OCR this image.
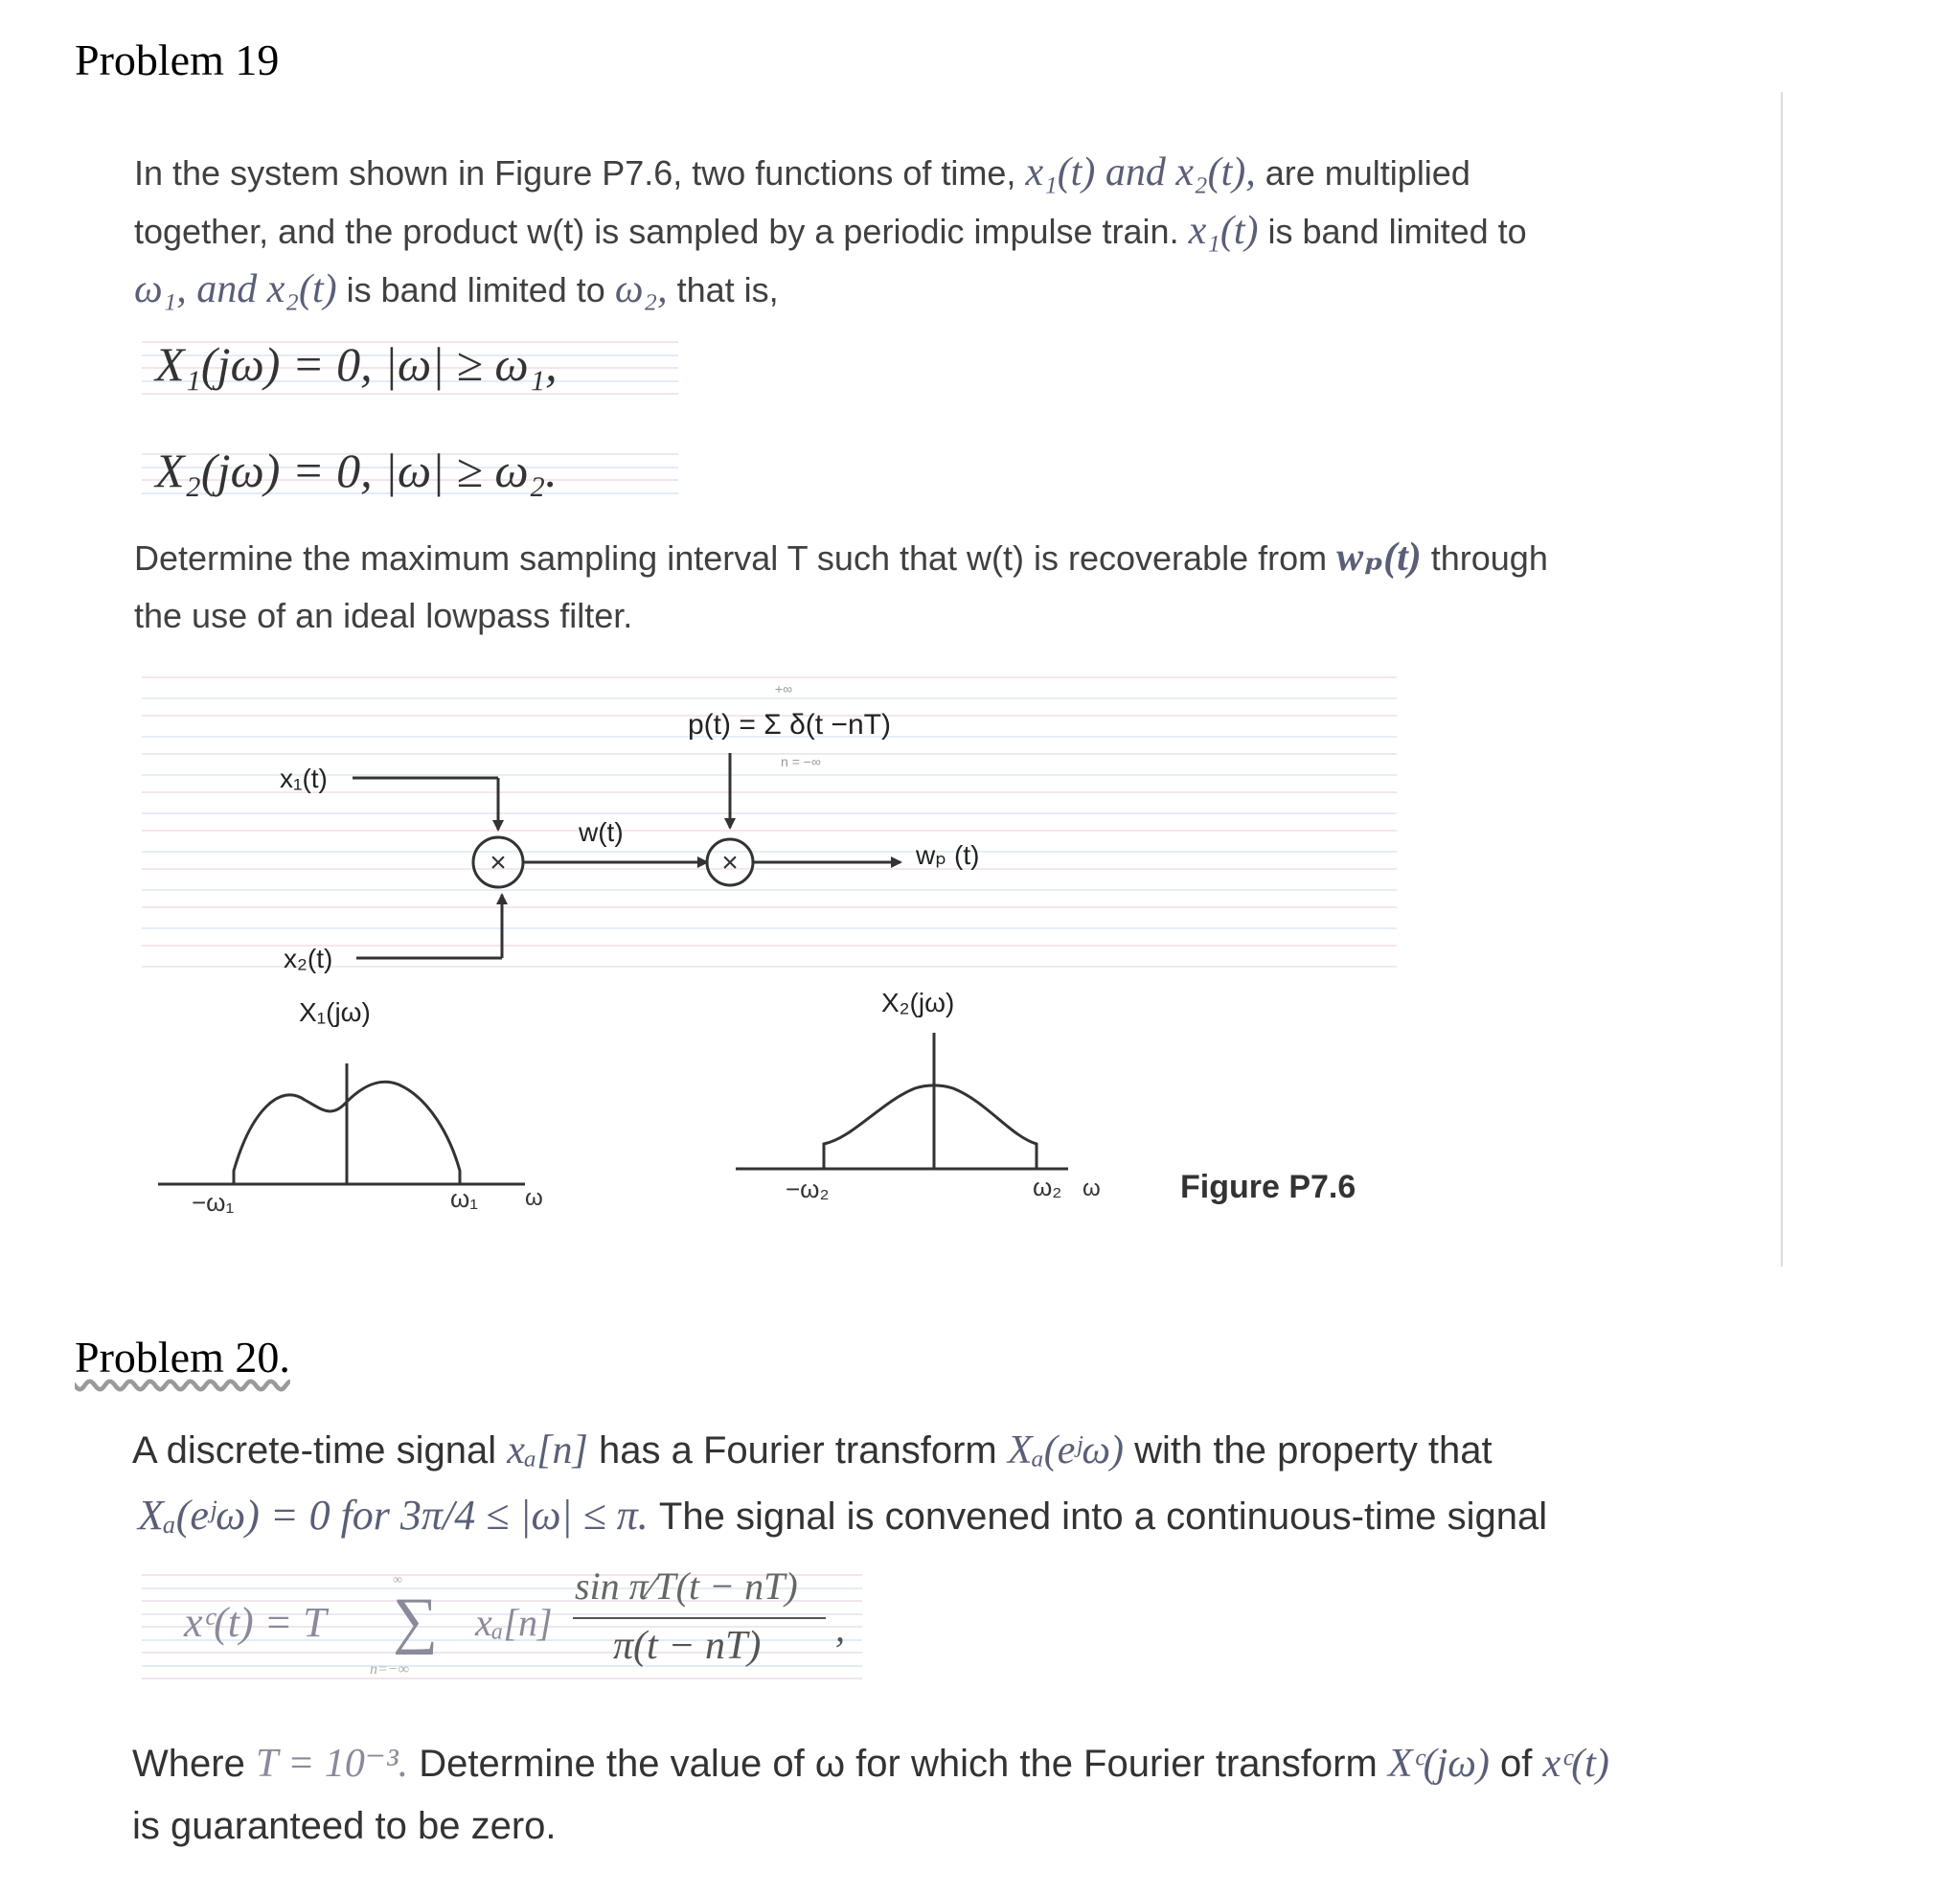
Problem 19
In the system shown in Figure P7.6, two functions of time, x₁(t) and x₂(t), are multiplied
together, and the product w(t) is sampled by a periodic impulse train. x₁(t) is band limited to
ω₁, and x₂(t) is band limited to ω₂, that is,
X₁(jω) = 0, |ω| ≥ ω₁,
X₂(jω) = 0, |ω| ≥ ω₂.
Determine the maximum sampling interval T such that w(t) is recoverable from wₚ(t) through
the use of an ideal lowpass filter.
x₁(t)
x₂(t)
w(t)
wₚ (t)
×	×
p(t) = Σ δ(t −nT)
+∞
n = −∞
X₁(jω)	X₂(jω)
−ω₁	ω₁ ω	−ω₂	ω₂ ω Figure P7.6
Problem 20.
A discrete-time signal xₐ[n] has a Fourier transform Xₐ(eʲω) with the property that
Xₐ(eʲω) = 0 for 3π/4 ≤ |ω| ≤ π. The signal is convened into a continuous-time signal
xᶜ(t) = T
∞
∑
n=−∞
xₐ[n]
sin π⁄T(t − nT)
π(t − nT) ,
Where T = 10⁻³. Determine the value of ω for which the Fourier transform Xᶜ(jω) of xᶜ(t)
is guaranteed to be zero.
